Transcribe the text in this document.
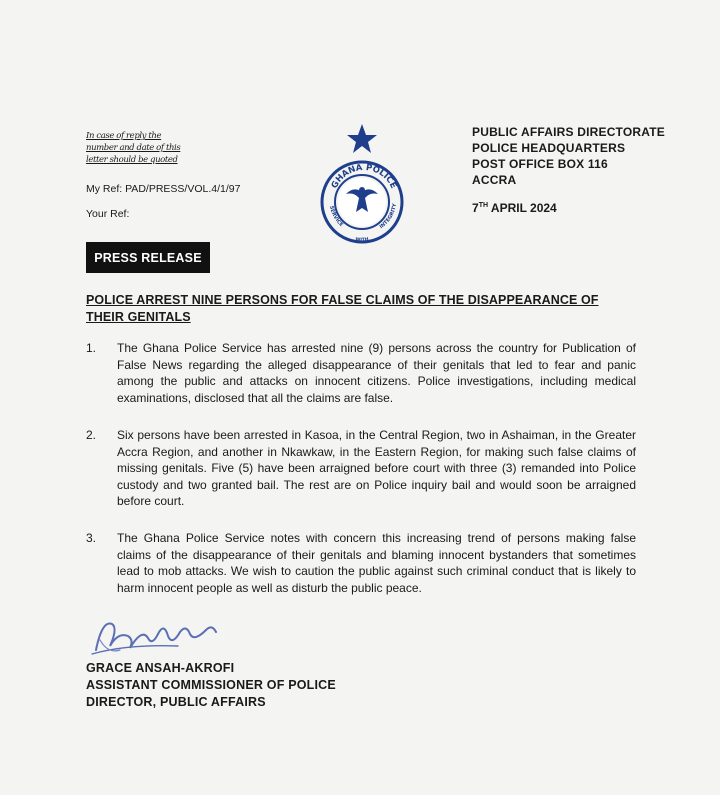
In case of reply the
number and date of this
letter should be quoted
My Ref: PAD/PRESS/VOL.4/1/97
Your Ref:
GHANA POLICE
SERVICE
WITH
INTEGRITY
PUBLIC AFFAIRS DIRECTORATE
POLICE HEADQUARTERS
POST OFFICE BOX 116
ACCRA
7TH APRIL 2024
PRESS RELEASE
POLICE ARREST NINE PERSONS FOR FALSE CLAIMS OF THE DISAPPEARANCE OF THEIR GENITALS
1. The Ghana Police Service has arrested nine (9) persons across the country for Publication of False News regarding the alleged disappearance of their genitals that led to fear and panic among the public and attacks on innocent citizens. Police investigations, including medical examinations, disclosed that all the claims are false.
2. Six persons have been arrested in Kasoa, in the Central Region, two in Ashaiman, in the Greater Accra Region, and another in Nkawkaw, in the Eastern Region, for making such false claims of missing genitals. Five (5) have been arraigned before court with three (3) remanded into Police custody and two granted bail. The rest are on Police inquiry bail and would soon be arraigned before court.
3. The Ghana Police Service notes with concern this increasing trend of persons making false claims of the disappearance of their genitals and blaming innocent bystanders that sometimes lead to mob attacks. We wish to caution the public against such criminal conduct that is likely to harm innocent people as well as disturb the public peace.
GRACE ANSAH-AKROFI
ASSISTANT COMMISSIONER OF POLICE
DIRECTOR, PUBLIC AFFAIRS
